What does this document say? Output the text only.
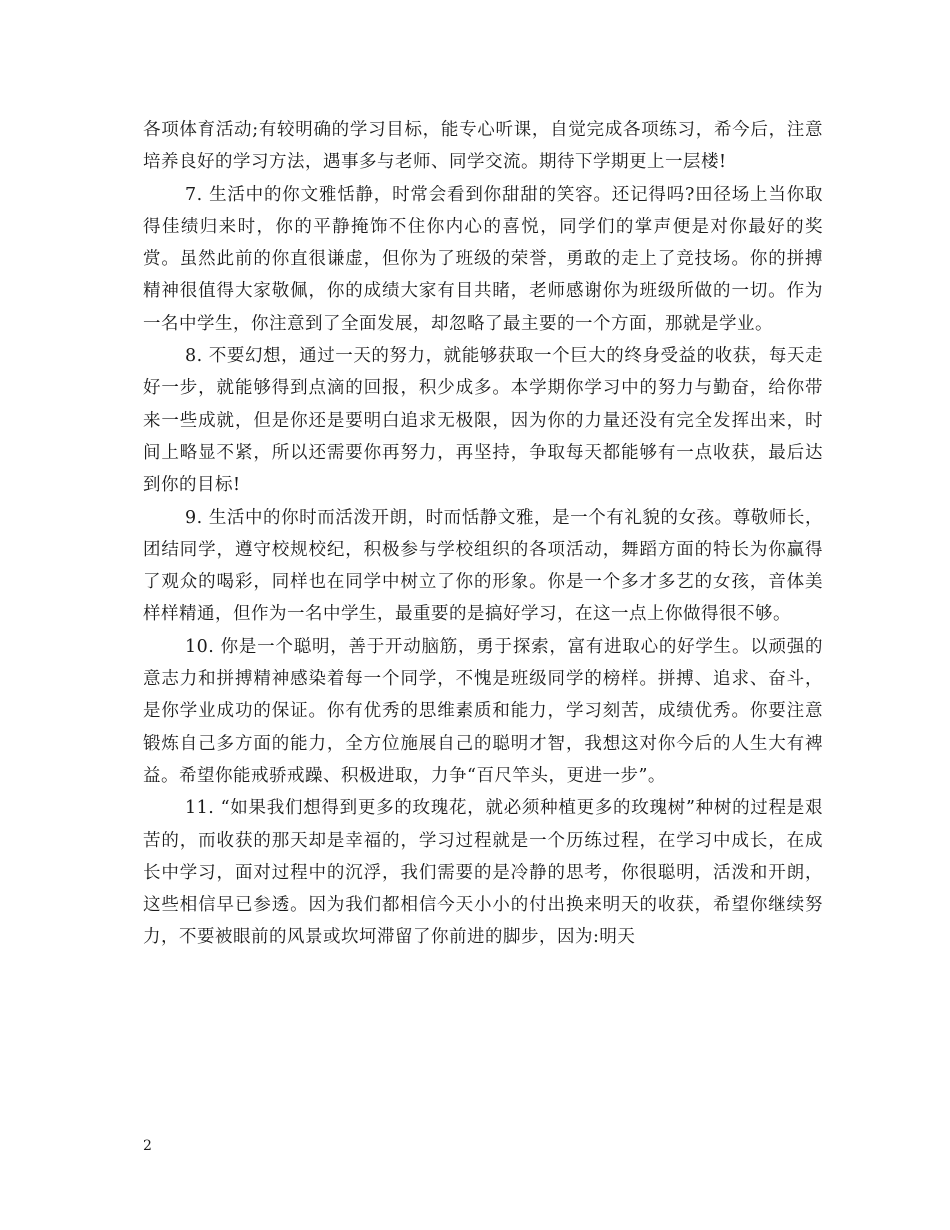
各项体育活动;有较明确的学习目标，能专心听课，自觉完成各项练习，希今后，注意培养良好的学习方法，遇事多与老师、同学交流。期待下学期更上一层楼!

7. 生活中的你文雅恬静，时常会看到你甜甜的笑容。还记得吗?田径场上当你取得佳绩归来时，你的平静掩饰不住你内心的喜悦，同学们的掌声便是对你最好的奖赏。虽然此前的你直很谦虚，但你为了班级的荣誉，勇敢的走上了竞技场。你的拼搏精神很值得大家敬佩，你的成绩大家有目共睹，老师感谢你为班级所做的一切。作为一名中学生，你注意到了全面发展，却忽略了最主要的一个方面，那就是学业。

8. 不要幻想，通过一天的努力，就能够获取一个巨大的终身受益的收获，每天走好一步，就能够得到点滴的回报，积少成多。本学期你学习中的努力与勤奋，给你带来一些成就，但是你还是要明白追求无极限，因为你的力量还没有完全发挥出来，时间上略显不紧，所以还需要你再努力，再坚持，争取每天都能够有一点收获，最后达到你的目标!

9. 生活中的你时而活泼开朗，时而恬静文雅，是一个有礼貌的女孩。尊敬师长，团结同学，遵守校规校纪，积极参与学校组织的各项活动，舞蹈方面的特长为你赢得了观众的喝彩，同样也在同学中树立了你的形象。你是一个多才多艺的女孩，音体美样样精通，但作为一名中学生，最重要的是搞好学习，在这一点上你做得很不够。

10. 你是一个聪明，善于开动脑筋，勇于探索，富有进取心的好学生。以顽强的意志力和拼搏精神感染着每一个同学，不愧是班级同学的榜样。拼搏、追求、奋斗，是你学业成功的保证。你有优秀的思维素质和能力，学习刻苦，成绩优秀。你要注意锻炼自己多方面的能力，全方位施展自己的聪明才智，我想这对你今后的人生大有裨益。希望你能戒骄戒躁、积极进取，力争“百尺竿头，更进一步”。

11. “如果我们想得到更多的玫瑰花，就必须种植更多的玫瑰树”种树的过程是艰苦的，而收获的那天却是幸福的，学习过程就是一个历练过程，在学习中成长，在成长中学习，面对过程中的沉浮，我们需要的是冷静的思考，你很聪明，活泼和开朗，这些相信早已参透。因为我们都相信今天小小的付出换来明天的收获，希望你继续努力，不要被眼前的风景或坎坷滞留了你前进的脚步，因为:明天

2
